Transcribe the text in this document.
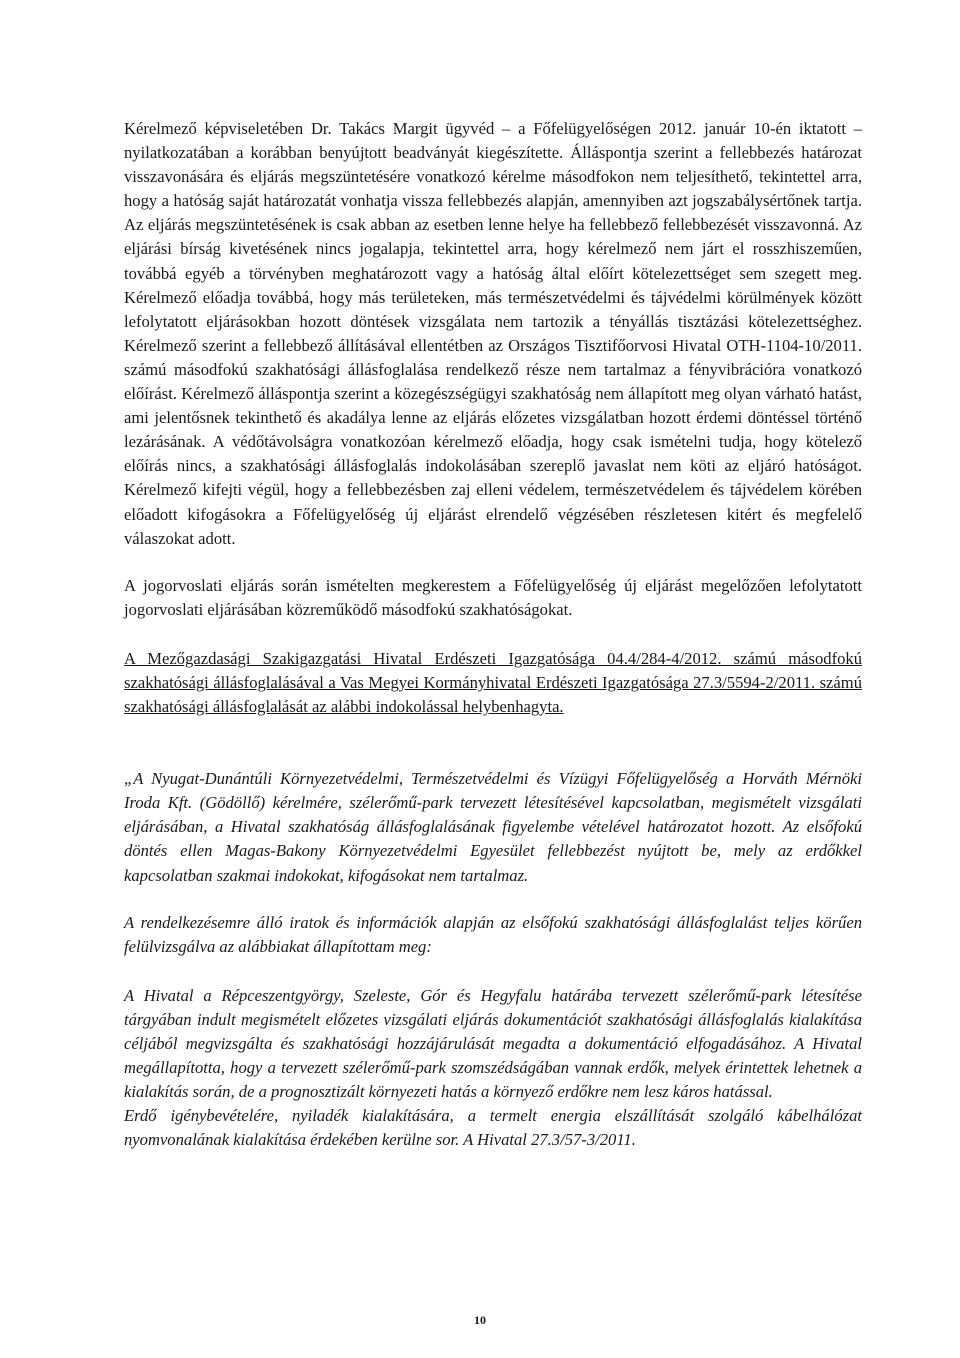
Kérelmező képviseletében Dr. Takács Margit ügyvéd – a Főfelügyelőségen 2012. január 10-én iktatott – nyilatkozatában a korábban benyújtott beadványát kiegészítette. Álláspontja szerint a fellebbezés határozat visszavonására és eljárás megszüntetésére vonatkozó kérelme másodfokon nem teljesíthető, tekintettel arra, hogy a hatóság saját határozatát vonhatja vissza fellebbezés alapján, amennyiben azt jogszabálysértőnek tartja. Az eljárás megszüntetésének is csak abban az esetben lenne helye ha fellebbező fellebbezését visszavonná. Az eljárási bírság kivetésének nincs jogalapja, tekintettel arra, hogy kérelmező nem járt el rosszhiszeműen, továbbá egyéb a törvényben meghatározott vagy a hatóság által előírt kötelezettséget sem szegett meg. Kérelmező előadja továbbá, hogy más területeken, más természetvédelmi és tájvédelmi körülmények között lefolytatott eljárásokban hozott döntések vizsgálata nem tartozik a tényállás tisztázási kötelezettséghez. Kérelmező szerint a fellebbező állításával ellentétben az Országos Tisztifőorvosi Hivatal OTH-1104-10/2011. számú másodfokú szakhatósági állásfoglalása rendelkező része nem tartalmaz a fényvibrációra vonatkozó előírást. Kérelmező álláspontja szerint a közegészségügyi szakhatóság nem állapított meg olyan várható hatást, ami jelentősnek tekinthető és akadálya lenne az eljárás előzetes vizsgálatban hozott érdemi döntéssel történő lezárásának. A védőtávolságra vonatkozóan kérelmező előadja, hogy csak ismételni tudja, hogy kötelező előírás nincs, a szakhatósági állásfoglalás indokolásában szereplő javaslat nem köti az eljáró hatóságot. Kérelmező kifejti végül, hogy a fellebbezésben zaj elleni védelem, természetvédelem és tájvédelem körében előadott kifogásokra a Főfelügyelőség új eljárást elrendelő végzésében részletesen kitért és megfelelő válaszokat adott.

A jogorvoslati eljárás során ismételten megkerestem a Főfelügyelőség új eljárást megelőzően lefolytatott jogorvoslati eljárásában közreműködő másodfokú szakhatóságokat.

A Mezőgazdasági Szakigazgatási Hivatal Erdészeti Igazgatósága 04.4/284-4/2012. számú másodfokú szakhatósági állásfoglalásával a Vas Megyei Kormányhivatal Erdészeti Igazgatósága 27.3/5594-2/2011. számú szakhatósági állásfoglalását az alábbi indokolással helybenhagyta.

„A Nyugat-Dunántúli Környezetvédelmi, Természetvédelmi és Vízügyi Főfelügyelőség a Horváth Mérnöki Iroda Kft. (Gödöllő) kérelmére, szélerőmű-park tervezett létesítésével kapcsolatban, megismételt vizsgálati eljárásában, a Hivatal szakhatóság állásfoglalásának figyelembe vételével határozatot hozott. Az elsőfokú döntés ellen Magas-Bakony Környezetvédelmi Egyesület fellebbezést nyújtott be, mely az erdőkkel kapcsolatban szakmai indokokat, kifogásokat nem tartalmaz.

A rendelkezésemre álló iratok és információk alapján az elsőfokú szakhatósági állásfoglalást teljes körűen felülvizsgálva az alábbiakat állapítottam meg:

A Hivatal a Répceszentgyörgy, Szeleste, Gór és Hegyfalu határába tervezett szélerőmű-park létesítése tárgyában indult megismételt előzetes vizsgálati eljárás dokumentációt szakhatósági állásfoglalás kialakítása céljából megvizsgálta és szakhatósági hozzájárulását megadta a dokumentáció elfogadásához. A Hivatal megállapította, hogy a tervezett szélerőmű-park szomszédságában vannak erdők, melyek érintettek lehetnek a kialakítás során, de a prognosztizált környezeti hatás a környező erdőkre nem lesz káros hatással.

Erdő igénybevételére, nyiladék kialakítására, a termelt energia elszállítását szolgáló kábelhálózat nyomvonalának kialakítása érdekében kerülne sor. A Hivatal 27.3/57-3/2011.

10
